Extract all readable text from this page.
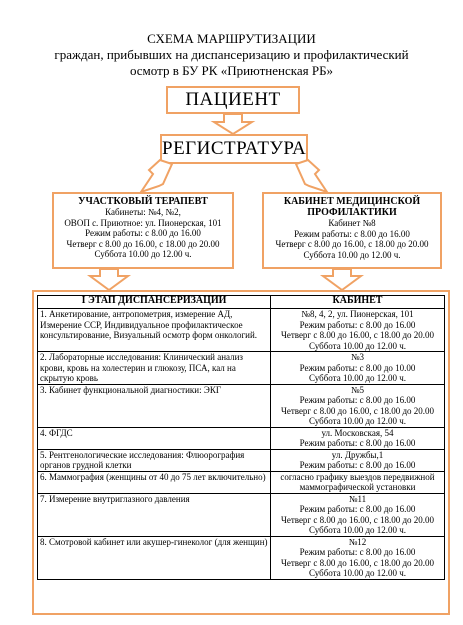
СХЕМА МАРШРУТИЗАЦИИ
граждан, прибывших на диспансеризацию и профилактический
осмотр в БУ РК «Приютненская РБ»
ПАЦИЕНТ
РЕГИСТРАТУРА
УЧАСТКОВЫЙ ТЕРАПЕВТ
Кабинеты: №4, №2,
ОВОП с. Приютное: ул. Пионерская, 101
Режим работы: с 8.00 до 16.00
Четверг с 8.00 до 16.00, с 18.00 до 20.00
Суббота 10.00 до 12.00 ч.
КАБИНЕТ МЕДИЦИНСКОЙ
ПРОФИЛАКТИКИ
Кабинет №8
Режим работы: с 8.00 до 16.00
Четверг с 8.00 до 16.00, с 18.00 до 20.00
Суббота 10.00 до 12.00 ч.
I ЭТАП ДИСПАНСЕРИЗАЦИИ	КАБИНЕТ

1. Анкетирование, антропометрия, измерение АД, Измерение ССР, Индивидуальное профилактическое консультирование, Визуальный осмотр форм онкологий.	№8, 4, 2, ул. Пионерская, 101
Режим работы: с 8.00 до 16.00
Четверг с 8.00 до 16.00, с 18.00 до 20.00
Суббота 10.00 до 12.00 ч.

2. Лабораторные исследования: Клинический анализ крови, кровь на холестерин и глюкозу, ПСА, кал на скрытую кровь	№3
Режим работы: с 8.00 до 10.00
Суббота 10.00 до 12.00 ч.

3. Кабинет функциональной диагностики: ЭКГ	№5
Режим работы: с 8.00 до 16.00
Четверг с 8.00 до 16.00, с 18.00 до 20.00
Суббота 10.00 до 12.00 ч.

4. ФГДС	ул. Московская, 54
Режим работы: с 8.00 до 16.00

5. Рентгенологические исследования: Флюорография органов грудной клетки	ул. Дружбы,1
Режим работы: с 8.00 до 16.00

6. Маммография (женщины от 40 до 75 лет включительно)	согласно графику выездов передвижной
маммографической установки

7. Измерение внутриглазного давления	№11
Режим работы: с 8.00 до 16.00
Четверг с 8.00 до 16.00, с 18.00 до 20.00
Суббота 10.00 до 12.00 ч.

8. Смотровой кабинет или акушер-гинеколог (для женщин)	№12
Режим работы: с 8.00 до 16.00
Четверг с 8.00 до 16.00, с 18.00 до 20.00
Суббота 10.00 до 12.00 ч.
